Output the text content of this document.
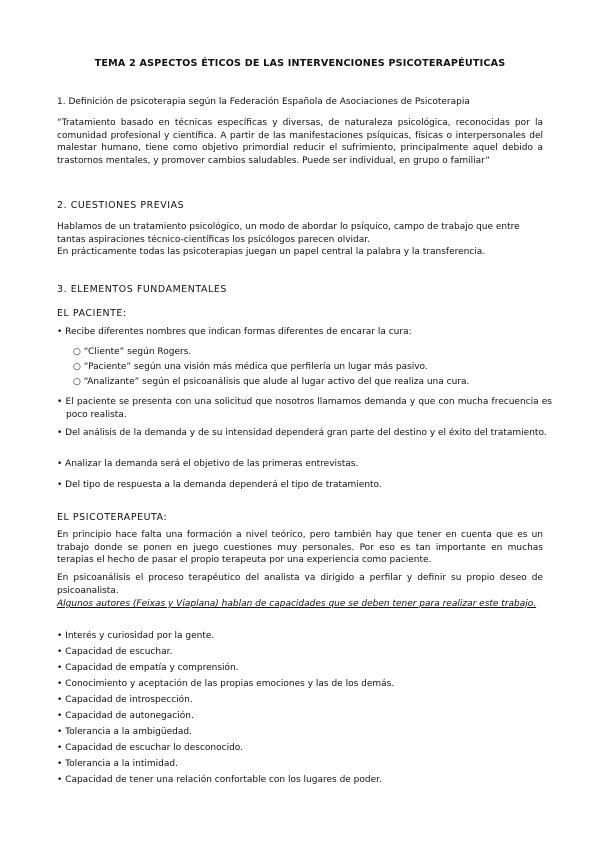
TEMA 2 ASPECTOS ÉTICOS DE LAS INTERVENCIONES PSICOTERAPÉUTICAS

1. Definición de psicoterapia según la Federación Española de Asociaciones de Psicoterapia

“Tratamiento basado en técnicas específicas y diversas, de naturaleza psicológica, reconocidas por la comunidad profesional y científica. A partir de las manifestaciones psíquicas, físicas o interpersonales del malestar humano, tiene como objetivo primordial reducir el sufrimiento, principalmente aquel debido a trastornos mentales, y promover cambios saludables. Puede ser individual, en grupo o familiar”

2. CUESTIONES PREVIAS

Hablamos de un tratamiento psicológico, un modo de abordar lo psíquico, campo de trabajo que entre tantas aspiraciones técnico-científicas los psicólogos parecen olvidar.

En prácticamente todas las psicoterapias juegan un papel central la palabra y la transferencia.

3. ELEMENTOS FUNDAMENTALES

EL PACIENTE:

• Recibe diferentes nombres que indican formas diferentes de encarar la cura:

○ “Cliente” según Rogers.

○ “Paciente” según una visión más médica que perfilería un lugar más pasivo.

○ “Analizante” según el psicoanálisis que alude al lugar activo del que realiza una cura.

• El paciente se presenta con una solicitud que nosotros llamamos demanda y que con mucha frecuencia es poco realista.

• Del análisis de la demanda y de su intensidad dependerá gran parte del destino y el éxito del tratamiento.

• Analizar la demanda será el objetivo de las primeras entrevistas.

• Del tipo de respuesta a la demanda dependerá el tipo de tratamiento.

EL PSICOTERAPEUTA:

En principio hace falta una formación a nivel teórico, pero también hay que tener en cuenta que es un trabajo donde se ponen en juego cuestiones muy personales. Por eso es tan importante en muchas terapias el hecho de pasar el propio terapeuta por una experiencia como paciente.

En psicoanálisis el proceso terapéutico del analista va dirigido a perfilar y definir su propio deseo de psicoanalista.

Algunos autores (Feixas y Viaplana) hablan de capacidades que se deben tener para realizar este trabajo.

• Interés y curiosidad por la gente.

• Capacidad de escuchar.

• Capacidad de empatía y comprensión.

• Conocimiento y aceptación de las propias emociones y las de los demás.

• Capacidad de introspección.

• Capacidad de autonegación.

• Tolerancia a la ambigüedad.

• Capacidad de escuchar lo desconocido.

• Tolerancia a la intimidad.

• Capacidad de tener una relación confortable con los lugares de poder.
